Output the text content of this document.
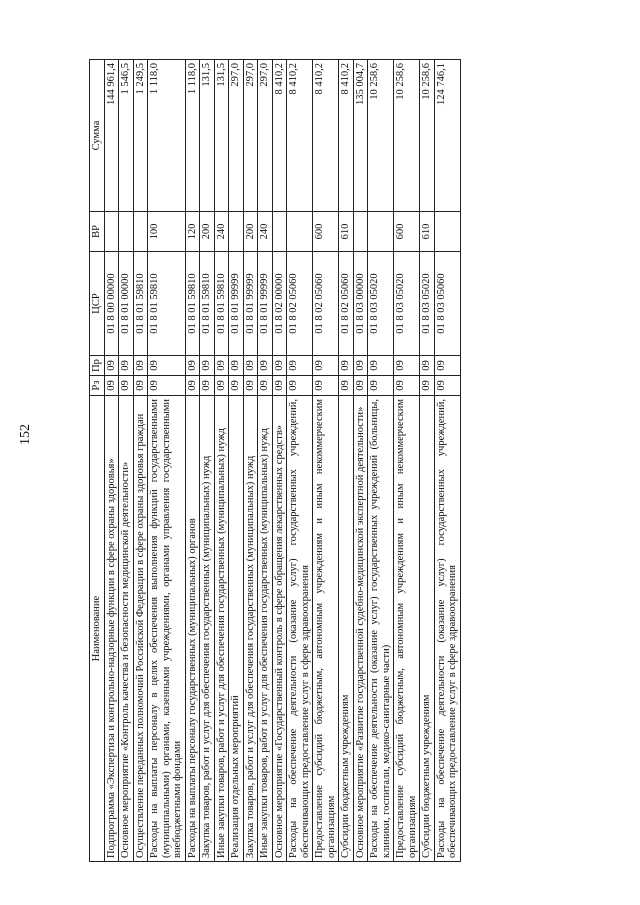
152
Наименование	Рз	Пр	ЦСР	ВР	Сумма
Подпрограмма «Экспертиза и контрольно-надзорные функции в сфере охраны здоровья»	09	09	01 8 00 00000		144 961,4
Основное мероприятие «Контроль качества и безопасности медицинской деятельности»	09	09	01 8 01 00000		1 546,5
Осуществление переданных полномочий Российской Федерации в сфере охраны здоровья граждан	09	09	01 8 01 59810		1 249,5
Расходы на выплаты персоналу в целях обеспечения выполнения функций государственными (муниципальными) органами, казенными учреждениями, органами управления государственными внебюджетными фондами	09	09	01 8 01 59810	100	1 118,0
Расходы на выплаты персоналу государственных (муниципальных) органов	09	09	01 8 01 59810	120	1 118,0
Закупка товаров, работ и услуг для обеспечения государственных (муниципальных) нужд	09	09	01 8 01 59810	200	131,5
Иные закупки товаров, работ и услуг для обеспечения государственных (муниципальных) нужд	09	09	01 8 01 59810	240	131,5
Реализация отдельных мероприятий	09	09	01 8 01 99999		297,0
Закупка товаров, работ и услуг для обеспечения государственных (муниципальных) нужд	09	09	01 8 01 99999	200	297,0
Иные закупки товаров, работ и услуг для обеспечения государственных (муниципальных) нужд	09	09	01 8 01 99999	240	297,0
Основное мероприятие «Государственный контроль в сфере обращения лекарственных средств»	09	09	01 8 02 00000		8 410,2
Расходы на обеспечение деятельности (оказание услуг) государственных учреждений, обеспечивающих предоставление услуг в сфере здравоохранения	09	09	01 8 02 05060		8 410,2
Предоставление субсидий бюджетным, автономным учреждениям и иным некоммерческим организациям	09	09	01 8 02 05060	600	8 410,2
Субсидии бюджетным учреждениям	09	09	01 8 02 05060	610	8 410,2
Основное мероприятие «Развитие государственной судебно-медицинской экспертной деятельности»	09	09	01 8 03 00000		135 004,7
Расходы на обеспечение деятельности (оказание услуг) государственных учреждений (больницы, клиники, госпитали, медико-санитарные части)	09	09	01 8 03 05020		10 258,6
Предоставление субсидий бюджетным, автономным учреждениям и иным некоммерческим организациям	09	09	01 8 03 05020	600	10 258,6
Субсидии бюджетным учреждениям	09	09	01 8 03 05020	610	10 258,6
Расходы на обеспечение деятельности (оказание услуг) государственных учреждений, обеспечивающих предоставление услуг в сфере здравоохранения	09	09	01 8 03 05060		124 746,1
